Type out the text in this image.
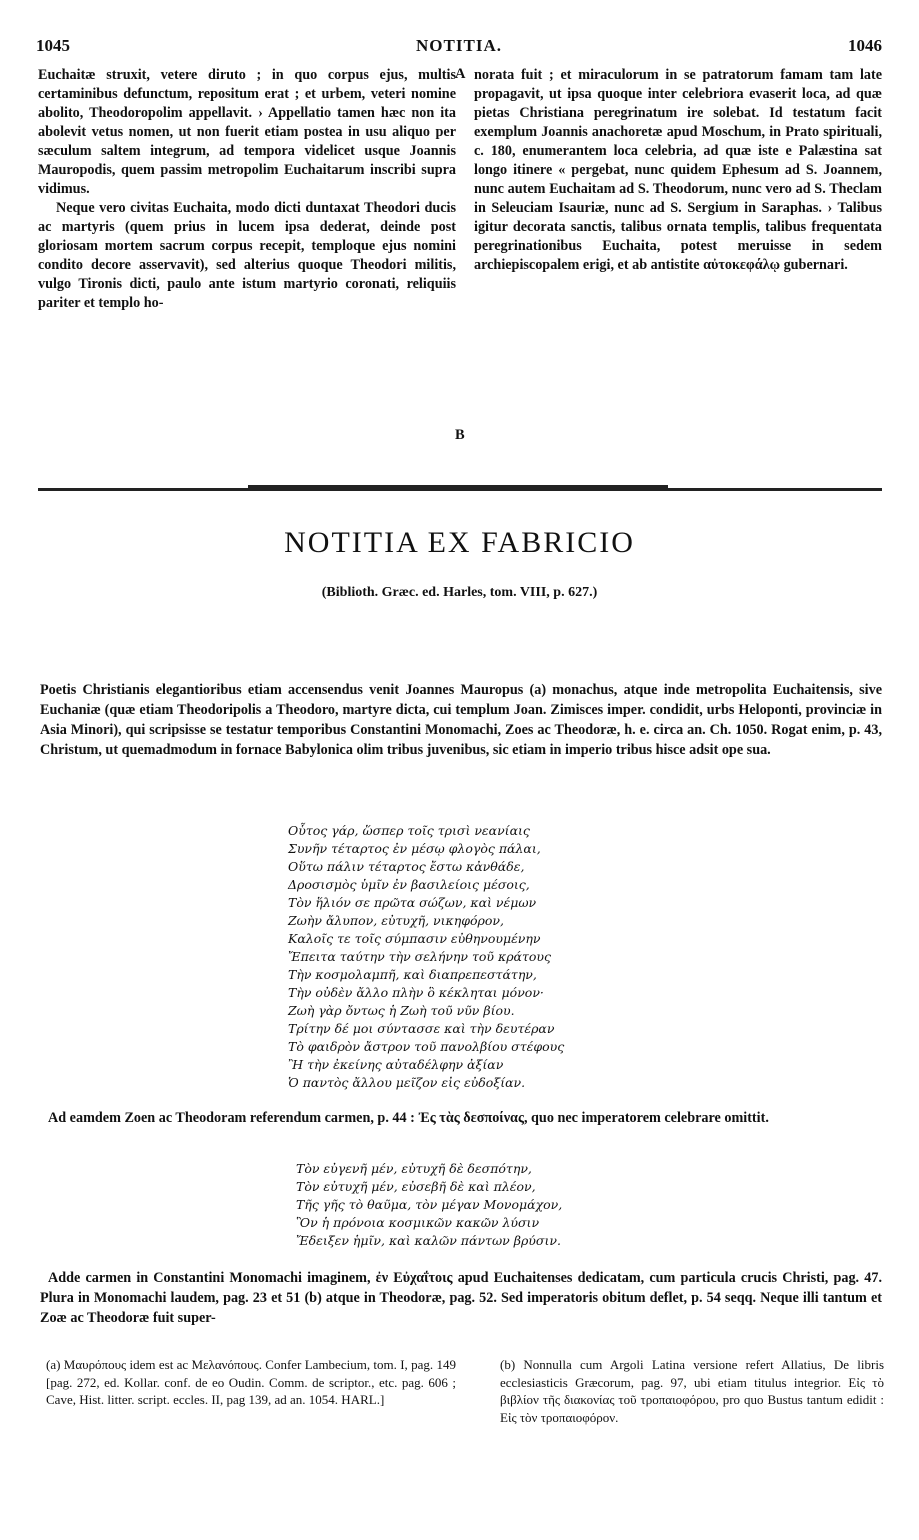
1045	NOTITIA.	1046

Euchaitæ struxit, vetere diruto ; in quo corpus ejus, multis certaminibus defunctum, repositum erat ; et urbem, veteri nomine abolito, Theodoropolim appellavit. › Appellatio tamen hæc non ita abolevit vetus nomen, ut non fuerit etiam postea in usu aliquo per sæculum saltem integrum, ad tempora videlicet usque Joannis Mauropodis, quem passim metropolim Euchaitarum inscribi supra vidimus.

Neque vero civitas Euchaita, modo dicti duntaxat Theodori ducis ac martyris (quem prius in lucem ipsa dederat, deinde post gloriosam mortem sacrum corpus recepit, temploque ejus nomini condito decore asservavit), sed alterius quoque Theodori militis, vulgo Tironis dicti, paulo ante istum martyrio coronati, reliquiis pariter et templo ho-

A
B

norata fuit ; et miraculorum in se patratorum famam tam late propagavit, ut ipsa quoque inter celebriora evaserit loca, ad quæ pietas Christiana peregrinatum ire solebat. Id testatum facit exemplum Joannis anachoretæ apud Moschum, in Prato spirituali, c. 180, enumerantem loca celebria, ad quæ iste e Palæstina sat longo itinere « pergebat, nunc quidem Ephesum ad S. Joannem, nunc autem Euchaitam ad S. Theodorum, nunc vero ad S. Theclam in Seleuciam Isauriæ, nunc ad S. Sergium in Saraphas. › Talibus igitur decorata sanctis, talibus ornata templis, talibus frequentata peregrinationibus Euchaita, potest meruisse in sedem archiepiscopalem erigi, et ab antistite αὐτοκεφάλῳ gubernari.

NOTITIA EX FABRICIO
(Biblioth. Græc. ed. Harles, tom. VIII, p. 627.)
Poetis Christianis elegantioribus etiam accensendus venit Joannes Mauropus (a) monachus, atque inde metropolita Euchaitensis, sive Euchaniæ (quæ etiam Theodoripolis a Theodoro, martyre dicta, cui templum Joan. Zimisces imper. condidit, urbs Heloponti, provinciæ in Asia Minori), qui scripsisse se testatur temporibus Constantini Monomachi, Zoes ac Theodoræ, h. e. circa an. Ch. 1050. Rogat enim, p. 43, Christum, ut quemadmodum in fornace Babylonica olim tribus juvenibus, sic etiam in imperio tribus hisce adsit ope sua.
Οὗτος γάρ, ὥσπερ τοῖς τρισὶ νεανίαις
Συνῆν τέταρτος ἐν μέσῳ φλογὸς πάλαι,
Οὕτω πάλιν τέταρτος ἔστω κἀνθάδε,
Δροσισμὸς ὑμῖν ἐν βασιλείοις μέσοις,
Τὸν ἥλιόν σε πρῶτα σώζων, καὶ νέμων
Ζωὴν ἄλυπον, εὐτυχῆ, νικηφόρον,
Καλοῖς τε τοῖς σύμπασιν εὐθηνουμένην
Ἔπειτα ταύτην τὴν σελήνην τοῦ κράτους
Τὴν κοσμολαμπῆ, καὶ διαπρεπεστάτην,
Τὴν οὐδὲν ἄλλο πλὴν ὃ κέκληται μόνον·
Ζωὴ γὰρ ὄντως ἡ Ζωὴ τοῦ νῦν βίου.
Τρίτην δέ μοι σύντασσε καὶ τὴν δευτέραν
Τὸ φαιδρὸν ἄστρον τοῦ πανολβίου στέφους
Ἢ τὴν ἐκείνης αὐταδέλφην ἀξίαν
Ὁ παντὸς ἄλλου μεῖζον εἰς εὐδοξίαν.
Ad eamdem Zoen ac Theodoram referendum carmen, p. 44 : Ἐς τὰς δεσποίνας, quo nec imperatorem celebrare omittit.
Τὸν εὐγενῆ μέν, εὐτυχῆ δὲ δεσπότην,
Τὸν εὐτυχῆ μέν, εὐσεβῆ δὲ καὶ πλέον,
Τῆς γῆς τὸ θαῦμα, τὸν μέγαν Μονομάχον,
Ὃν ἡ πρόνοια κοσμικῶν κακῶν λύσιν
Ἔδειξεν ἡμῖν, καὶ καλῶν πάντων βρύσιν.
Adde carmen in Constantini Monomachi imaginem, ἐν Εὐχαΐτοις apud Euchaitenses dedicatam, cum particula crucis Christi, pag. 47. Plura in Monomachi laudem, pag. 23 et 51 (b) atque in Theodoræ, pag. 52. Sed imperatoris obitum deflet, p. 54 seqq. Neque illi tantum et Zoæ ac Theodoræ fuit super-

(a) Μαυρόπους idem est ac Μελανόπους. Confer Lambecium, tom. I, pag. 149 [pag. 272, ed. Kollar. conf. de eo Oudin. Comm. de scriptor., etc. pag. 606 ; Cave, Hist. litter. script. eccles. II, pag 139, ad an. 1054. HARL.]

(b) Nonnulla cum Argoli Latina versione refert Allatius, De libris ecclesiasticis Græcorum, pag. 97, ubi etiam titulus integrior. Εἰς τὸ βιβλίον τῆς διακονίας τοῦ τροπαιοφόρου, pro quo Bustus tantum edidit : Εἰς τὸν τροπαιοφόρον.
